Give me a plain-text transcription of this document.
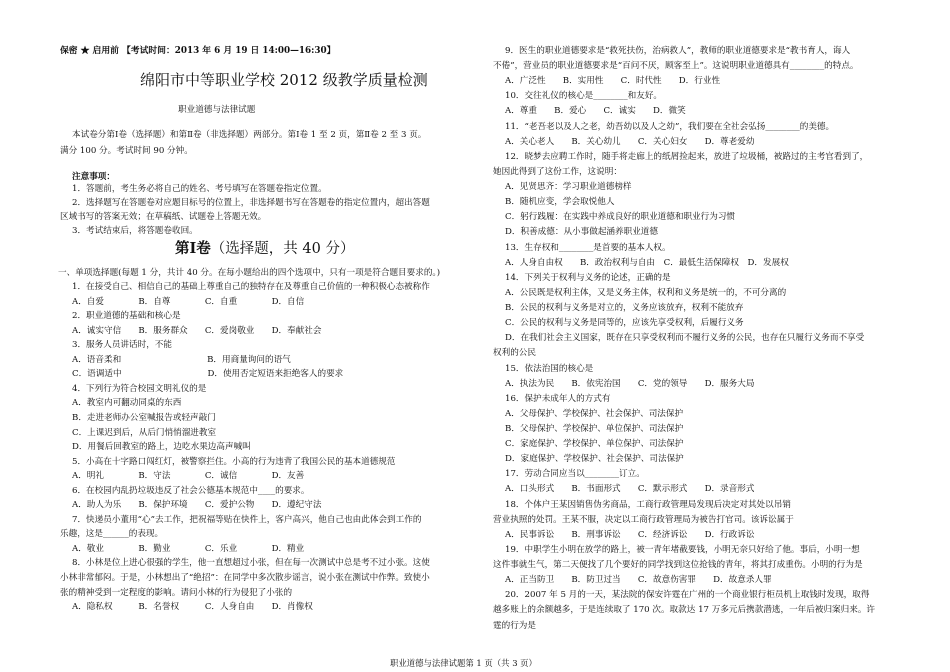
保密 ★ 启用前 【考试时间：2013 年 6 月 19 日 14:00—16:30】
绵阳市中等职业学校 2012 级教学质量检测
职业道德与法律试题
本试卷分第Ⅰ卷（选择题）和第Ⅱ卷（非选择题）两部分。第Ⅰ卷 1 至 2 页，第Ⅱ卷 2 至 3 页。
满分 100 分。考试时间 90 分钟。
注意事项：
1．答题前，考生务必将自己的姓名、考号填写在答题卷指定位置。
2．选择题写在答题卷对应题目标号的位置上，非选择题书写在答题卷的指定位置内，超出答题
区域书写的答案无效；在草稿纸、试题卷上答题无效。
3．考试结束后，将答题卷收回。
第Ⅰ卷（选择题，共 40 分）
一、单项选择题(每题 1 分，共计 40 分。在每小题给出的四个选项中，只有一项是符合题目要求的。)
1．在接受自己、相信自己的基础上尊重自己的独特存在及尊重自己价值的一种积极心态被称作
A．自爱　　　　B．自尊　　　　C．自重　　　　D．自信
2．职业道德的基础和核心是
A．诚实守信　　B．服务群众　　C．爱岗敬业　　D．奉献社会
3．服务人员讲话时，不能
A．语音柔和　　　　　　　　　　B．用商量询问的语气
C．语调适中　　　　　　　　　　D．使用否定短语来拒绝客人的要求
4．下列行为符合校园文明礼仪的是
A．教室内可翻动同桌的东西
B．走进老师办公室喊报告或轻声敲门
C．上课迟到后，从后门悄悄溜进教室
D．用餐后回教室的路上，边吃水果边高声喊叫
5．小高在十字路口闯红灯，被警察拦住。小高的行为违背了我国公民的基本道德规范
A．明礼　　　　B．守法　　　　C．诚信　　　　D．友善
6．在校园内乱扔垃圾违反了社会公德基本规范中____的要求。
A．助人为乐　　B．保护环境　　C．爱护公物　　D．遵纪守法
7．快递员小董用“心”去工作，把祝福等贴在快件上，客户高兴，他自己也由此体会到工作的
乐趣，这是______的表现。
A．敬业　　　　B．勤业　　　　C．乐业　　　　D．精业
8．小林是位上进心很强的学生，他一直想超过小张，但在每一次测试中总是考不过小张。这使
小林非常郁闷。于是，小林想出了“绝招”：在同学中多次散步谣言，说小张在测试中作弊。致使小
张的精神受到一定程度的影响。请问小林的行为侵犯了小张的
A．隐私权　　　B．名誉权　　　C．人身自由　　D．肖像权
9．医生的职业道德要求是“救死扶伤，治病救人”，教师的职业道德要求是“教书育人，诲人
不倦”，营业员的职业道德要求是“百问不厌，顾客至上”。这说明职业道德具有________的特点。
A．广泛性　　B．实用性　　C．时代性　　D．行业性
10．交往礼仪的核心是________和友好。
A．尊重　　B．爱心　　C．诚实　　D．微笑
11．“老吾老以及人之老，幼吾幼以及人之幼”，我们要在全社会弘扬________的美德。
A．关心老人　　B．关心幼儿　　C．关心妇女　　D．尊老爱幼
12．晓梦去应聘工作时，随手将走廊上的纸屑捡起来，放进了垃圾桶，被路过的主考官看到了，
她因此得到了这份工作，这说明：
A．见贤思齐：学习职业道德榜样
B．随机应变，学会取悦他人
C．躬行践履：在实践中养成良好的职业道德和职业行为习惯
D．积善成德：从小事做起涵养职业道德
13．生存权和________是首要的基本人权。
A．人身自由权　　B．政治权利与自由　C．最低生活保障权　D．发展权
14．下列关于权利与义务的论述，正确的是
A．公民既是权利主体，又是义务主体，权利和义务是统一的，不可分离的
B．公民的权利与义务是对立的，义务应该放弃，权利不能放弃
C．公民的权利与义务是同等的，应该先享受权利，后履行义务
D．在我们社会主义国家，既存在只享受权利而不履行义务的公民，也存在只履行义务而不享受
权利的公民
15．依法治国的核心是
A．执法为民　　B．依宪治国　　C．党的领导　　D．服务大局
16．保护未成年人的方式有
A．父母保护、学校保护、社会保护、司法保护
B．父母保护、学校保护、单位保护、司法保护
C．家庭保护、学校保护、单位保护、司法保护
D．家庭保护、学校保护、社会保护、司法保护
17．劳动合同应当以________订立。
A．口头形式　　B．书面形式　　C．默示形式　　D．录音形式
18．个体户王某因销售伪劣商品，工商行政管理局发现后决定对其处以吊销
营业执照的处罚。王某不服，决定以工商行政管理局为被告打官司。该诉讼属于
A．民事诉讼　　B．刑事诉讼　　C．经济诉讼　　D．行政诉讼
19．中职学生小明在放学的路上，被一青年堵截要钱，小明无奈只好给了他。事后，小明一想
这件事就生气，第二天便找了几个要好的同学找到这位抢钱的青年，将其打成重伤。小明的行为是
A．正当防卫　　B．防卫过当　　C．故意伤害罪　　D．故意杀人罪
20．2007 年 5 月的一天，某法院的保安许霆在广州的一个商业银行柜员机上取钱时发现，取得
越多账上的余额越多，于是连续取了 170 次。取款达 17 万多元后携款潜逃，一年后被归案归来。许
霆的行为是
职业道德与法律试题第 1 页（共 3 页）
